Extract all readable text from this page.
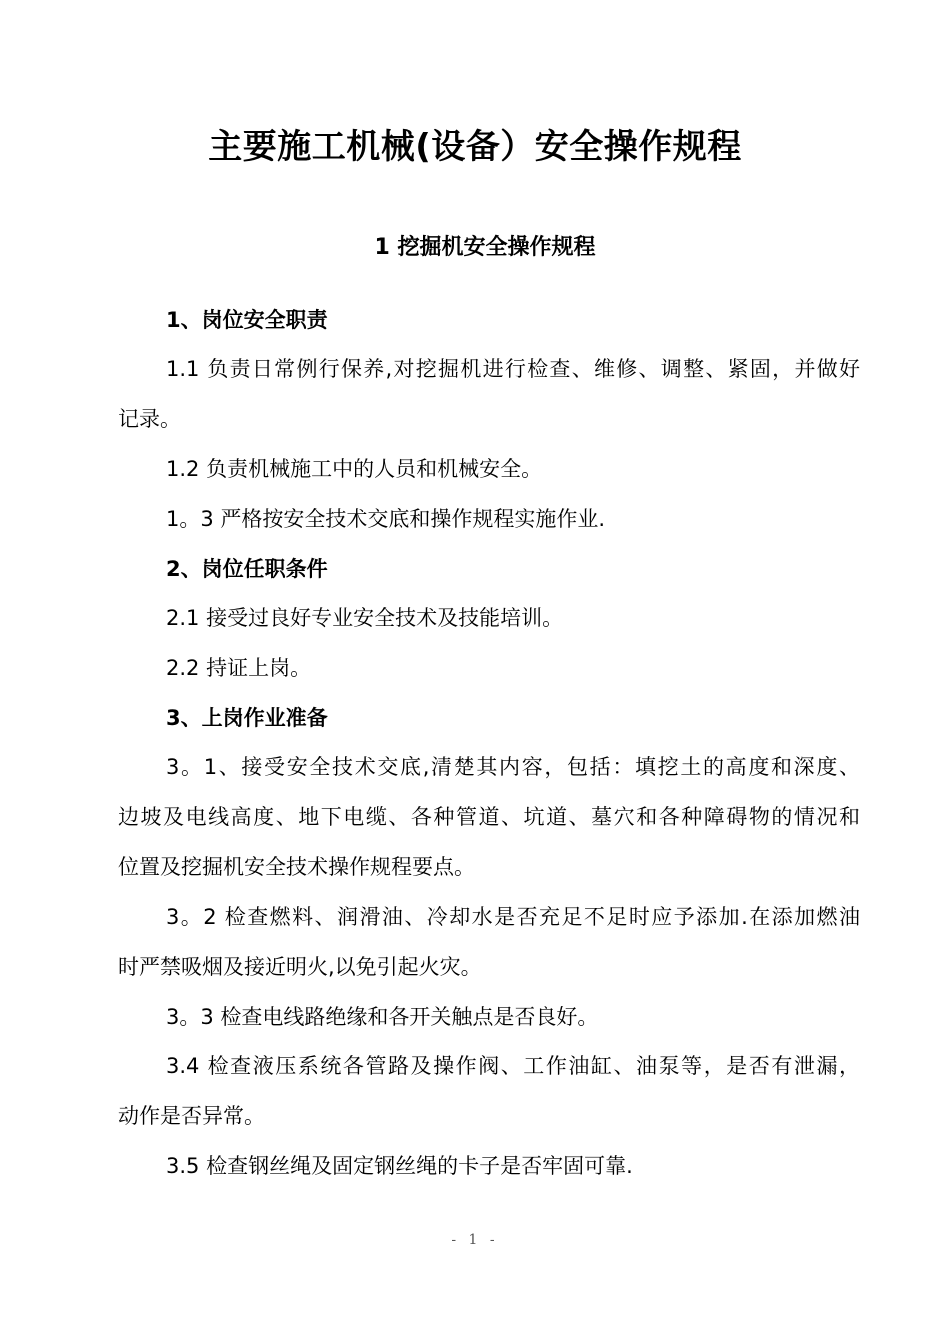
主要施工机械(设备）安全操作规程
1 挖掘机安全操作规程

1、岗位安全职责

1.1 负责日常例行保养,对挖掘机进行检查、维修、调整、紧固，并做好

记录。

1.2 负责机械施工中的人员和机械安全。

1。3 严格按安全技术交底和操作规程实施作业.

2、岗位任职条件

2.1 接受过良好专业安全技术及技能培训。

2.2 持证上岗。

3、上岗作业准备

3。1、接受安全技术交底,清楚其内容，包括：填挖土的高度和深度、

边坡及电线高度、地下电缆、各种管道、坑道、墓穴和各种障碍物的情况和

位置及挖掘机安全技术操作规程要点。

3。2 检查燃料、润滑油、冷却水是否充足不足时应予添加.在添加燃油

时严禁吸烟及接近明火,以免引起火灾。

3。3 检查电线路绝缘和各开关触点是否良好。

3.4 检查液压系统各管路及操作阀、工作油缸、油泵等，是否有泄漏，

动作是否异常。

3.5 检查钢丝绳及固定钢丝绳的卡子是否牢固可靠.

- 1 -
